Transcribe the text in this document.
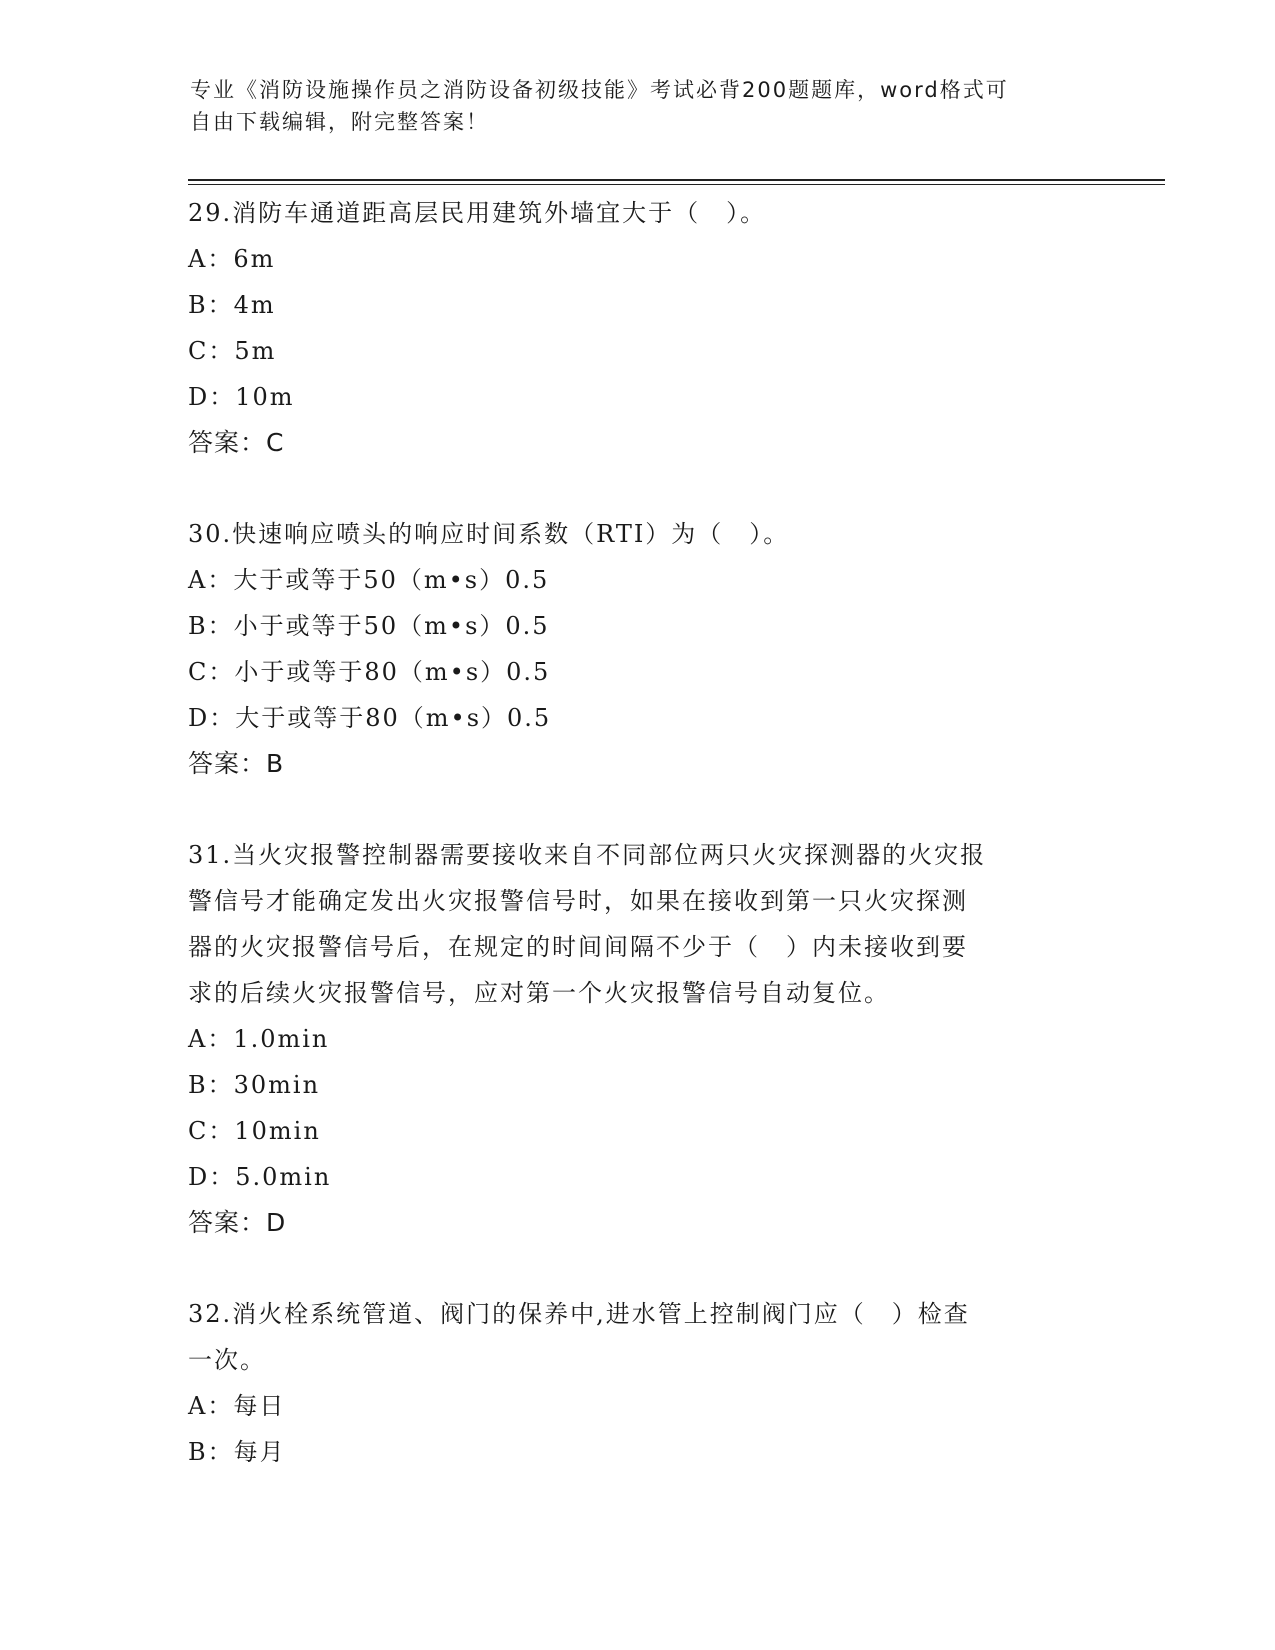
专业《消防设施操作员之消防设备初级技能》考试必背200题题库，word格式可
自由下载编辑，附完整答案！

29.消防车通道距高层民用建筑外墙宜大于（　）。

A：6m

B：4m

C：5m

D：10m

答案：C

30.快速响应喷头的响应时间系数（RTI）为（　）。

A：大于或等于50（m•s）0.5

B：小于或等于50（m•s）0.5

C：小于或等于80（m•s）0.5

D：大于或等于80（m•s）0.5

答案：B

31.当火灾报警控制器需要接收来自不同部位两只火灾探测器的火灾报

警信号才能确定发出火灾报警信号时，如果在接收到第一只火灾探测

器的火灾报警信号后，在规定的时间间隔不少于（　）内未接收到要

求的后续火灾报警信号，应对第一个火灾报警信号自动复位。

A：1.0min

B：30min

C：10min

D：5.0min

答案：D

32.消火栓系统管道、阀门的保养中,进水管上控制阀门应（　）检查

一次。

A：每日

B：每月
